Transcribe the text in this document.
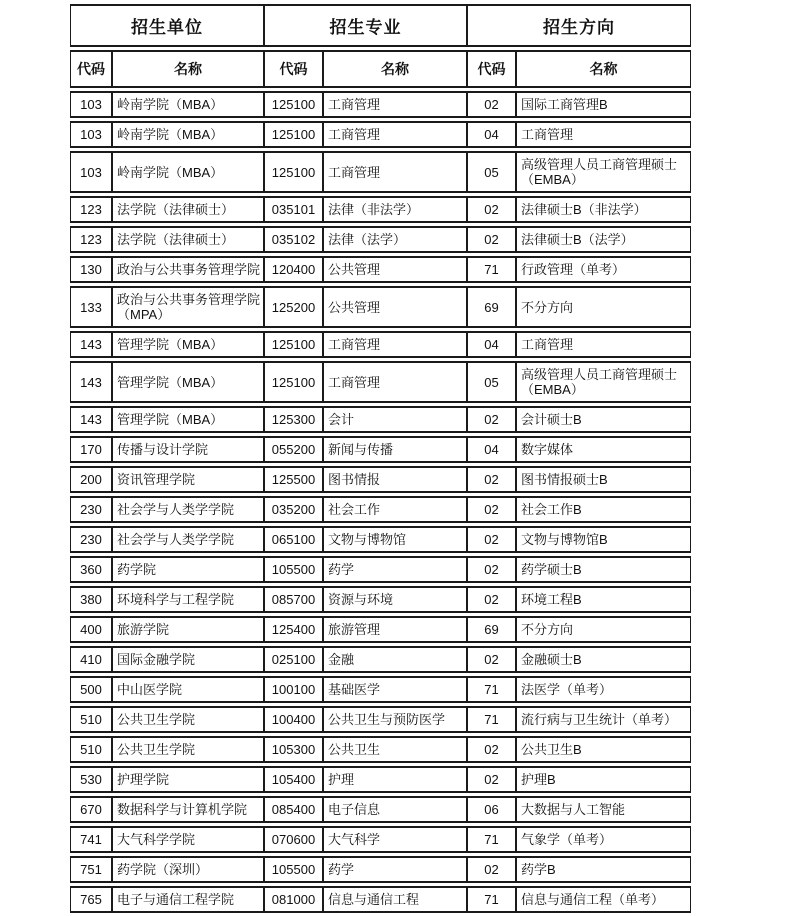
招生单位		招生专业		招生方向	
代码	名称	代码	名称	代码	名称
103	岭南学院（MBA）	125100	工商管理	02	国际工商管理B
103	岭南学院（MBA）	125100	工商管理	04	工商管理
103	岭南学院（MBA）	125100	工商管理	05	高级管理人员工商管理硕士（EMBA）
123	法学院（法律硕士）	035101	法律（非法学）	02	法律硕士B（非法学）
123	法学院（法律硕士）	035102	法律（法学）	02	法律硕士B（法学）
130	政治与公共事务管理学院	120400	公共管理	71	行政管理（单考）
133	政治与公共事务管理学院（MPA）	125200	公共管理	69	不分方向
143	管理学院（MBA）	125100	工商管理	04	工商管理
143	管理学院（MBA）	125100	工商管理	05	高级管理人员工商管理硕士（EMBA）
143	管理学院（MBA）	125300	会计	02	会计硕士B
170	传播与设计学院	055200	新闻与传播	04	数字媒体
200	资讯管理学院	125500	图书情报	02	图书情报硕士B
230	社会学与人类学学院	035200	社会工作	02	社会工作B
230	社会学与人类学学院	065100	文物与博物馆	02	文物与博物馆B
360	药学院	105500	药学	02	药学硕士B
380	环境科学与工程学院	085700	资源与环境	02	环境工程B
400	旅游学院	125400	旅游管理	69	不分方向
410	国际金融学院	025100	金融	02	金融硕士B
500	中山医学院	100100	基础医学	71	法医学（单考）
510	公共卫生学院	100400	公共卫生与预防医学	71	流行病与卫生统计（单考）
510	公共卫生学院	105300	公共卫生	02	公共卫生B
530	护理学院	105400	护理	02	护理B
670	数据科学与计算机学院	085400	电子信息	06	大数据与人工智能
741	大气科学学院	070600	大气科学	71	气象学（单考）
751	药学院（深圳）	105500	药学	02	药学B
765	电子与通信工程学院	081000	信息与通信工程	71	信息与通信工程（单考）
